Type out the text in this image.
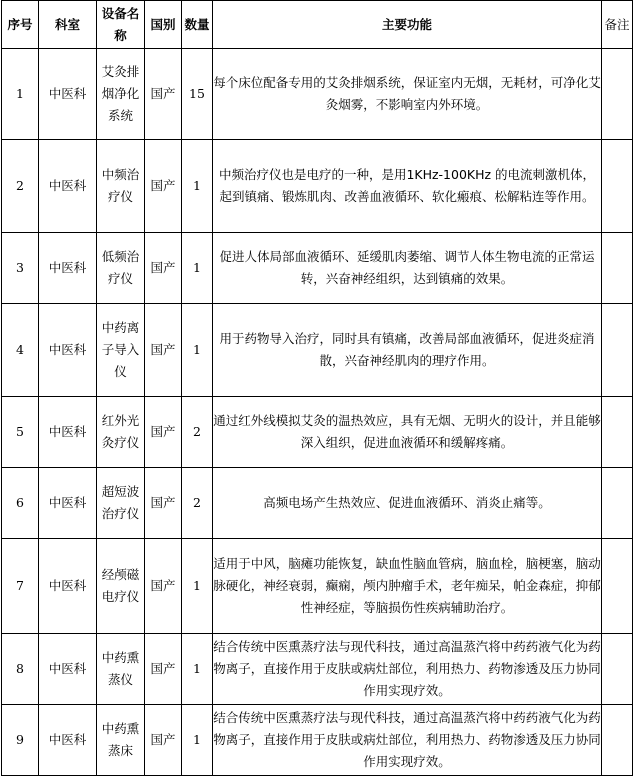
序号	科室	设备名称	国别	数量	主要功能	备注
1	中医科	艾灸排烟净化系统	国产	15	每个床位配备专用的艾灸排烟系统，保证室内无烟，无耗材，可净化艾灸烟雾，不影响室内外环境。	
2	中医科	中频治疗仪	国产	1	中频治疗仪也是电疗的一种，是用1KHz-100KHz 的电流刺激机体，起到镇痛、锻炼肌肉、改善血液循环、软化瘢痕、松解粘连等作用。	
3	中医科	低频治疗仪	国产	1	促进人体局部血液循环、延缓肌肉萎缩、调节人体生物电流的正常运转，兴奋神经组织，达到镇痛的效果。	
4	中医科	中药离子导入仪	国产	1	用于药物导入治疗，同时具有镇痛，改善局部血液循环，促进炎症消散，兴奋神经肌肉的理疗作用。	
5	中医科	红外光灸疗仪	国产	2	通过红外线模拟艾灸的温热效应，具有无烟、无明火的设计，并且能够深入组织，促进血液循环和缓解疼痛。	
6	中医科	超短波治疗仪	国产	2	高频电场产生热效应、促进血液循环、消炎止痛等。	
7	中医科	经颅磁电疗仪	国产	1	适用于中风，脑瘫功能恢复，缺血性脑血管病，脑血栓，脑梗塞，脑动脉硬化，神经衰弱，癫痫，颅内肿瘤手术，老年痴呆，帕金森症，抑郁性神经症，等脑损伤性疾病辅助治疗。	
8	中医科	中药熏蒸仪	国产	1	结合传统中医熏蒸疗法与现代科技，通过高温蒸汽将中药药液气化为药物离子，直接作用于皮肤或病灶部位，利用热力、药物渗透及压力协同作用实现疗效。	
9	中医科	中药熏蒸床	国产	1	结合传统中医熏蒸疗法与现代科技，通过高温蒸汽将中药药液气化为药物离子，直接作用于皮肤或病灶部位，利用热力、药物渗透及压力协同作用实现疗效。	
